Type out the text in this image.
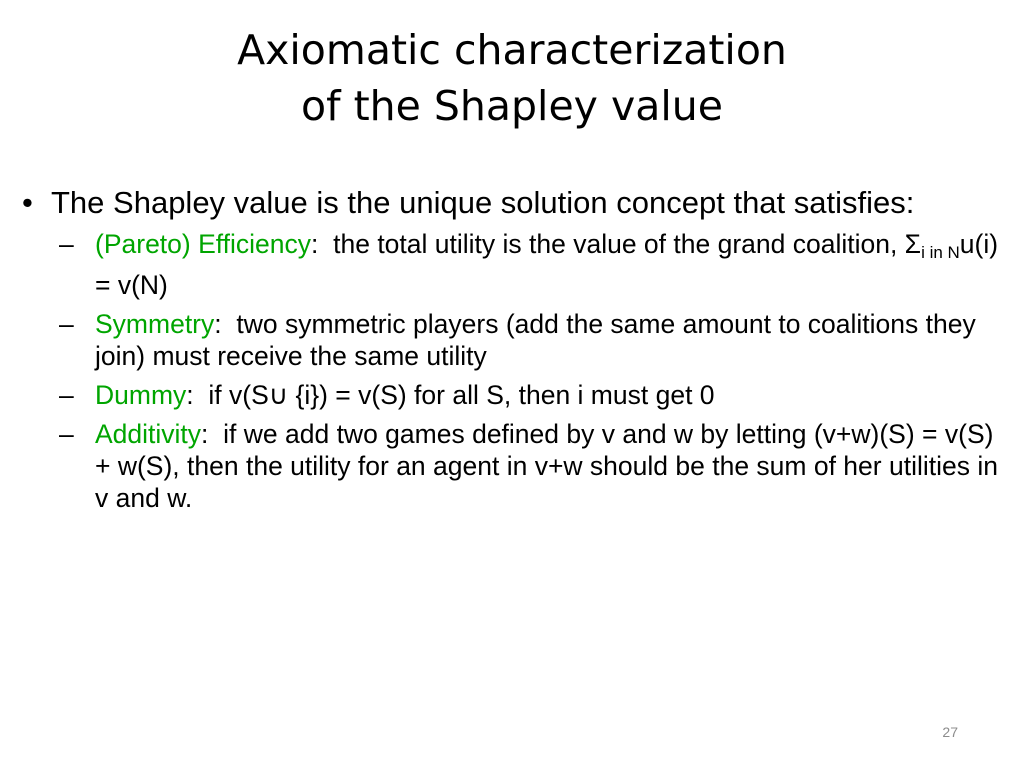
Axiomatic characterization
of the Shapley value
• The Shapley value is the unique solution concept that satisfies:
– (Pareto) Efficiency:  the total utility is the value of the grand coalition, $\Sigma_{i in N}u(i) = v(N)$
– Symmetry:  two symmetric players (add the same amount to coalitions they join) must receive the same utility
– Dummy:  if v(S∪ {i}) = v(S) for all S, then i must get 0
– Additivity:  if we add two games defined by v and w by letting (v+w)(S) = v(S) + w(S), then the utility for an agent in v+w should be the sum of her utilities in v and w.
27
